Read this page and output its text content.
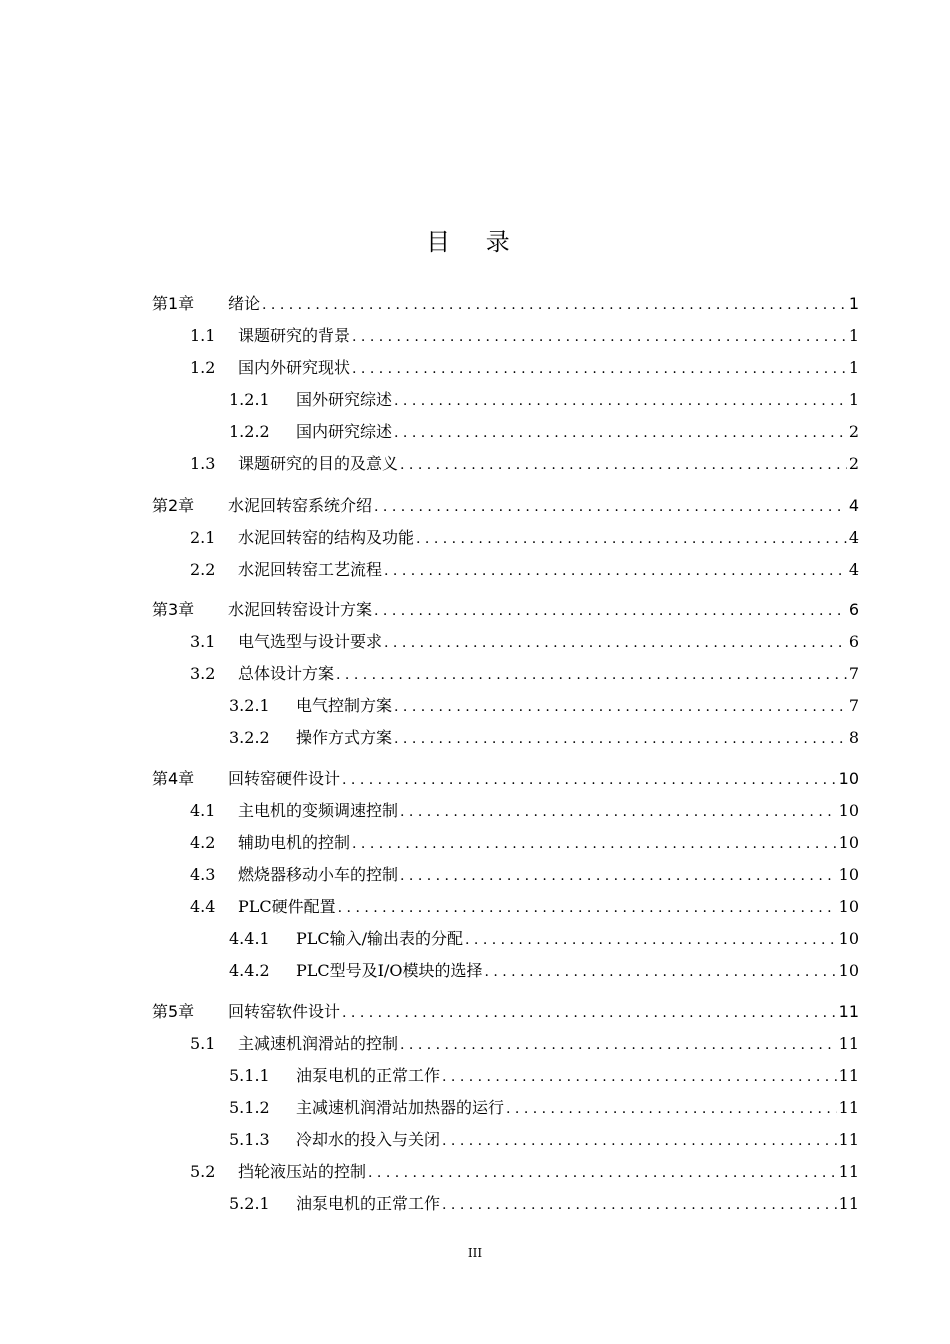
目 录
第1章	绪论 . . .	1
1.1	课题研究的背景 . . .	1
1.2	国内外研究现状 . . .	1
1.2.1	国外研究综述 . . .	1
1.2.2	国内研究综述 . . .	2
1.3	课题研究的目的及意义 . . .	2
第2章	水泥回转窑系统介绍 . . .	4
2.1	水泥回转窑的结构及功能 . . .	4
2.2	水泥回转窑工艺流程 . . .	4
第3章	水泥回转窑设计方案 . . .	6
3.1	电气选型与设计要求 . . .	6
3.2	总体设计方案 . . .	7
3.2.1	电气控制方案 . . .	7
3.2.2	操作方式方案 . . .	8
第4章	回转窑硬件设计 . . .	10
4.1	主电机的变频调速控制 . . .	10
4.2	辅助电机的控制 . . .	10
4.3	燃烧器移动小车的控制 . . .	10
4.4	PLC硬件配置 . . .	10
4.4.1	PLC输入/输出表的分配 . . .	10
4.4.2	PLC型号及I/O模块的选择 . . .	10
第5章	回转窑软件设计 . . .	11
5.1	主减速机润滑站的控制 . . .	11
5.1.1	油泵电机的正常工作 . . .	11
5.1.2	主减速机润滑站加热器的运行 . . .	11
5.1.3	冷却水的投入与关闭 . . .	11
5.2	挡轮液压站的控制 . . .	11
5.2.1	油泵电机的正常工作 . . .	11
III
